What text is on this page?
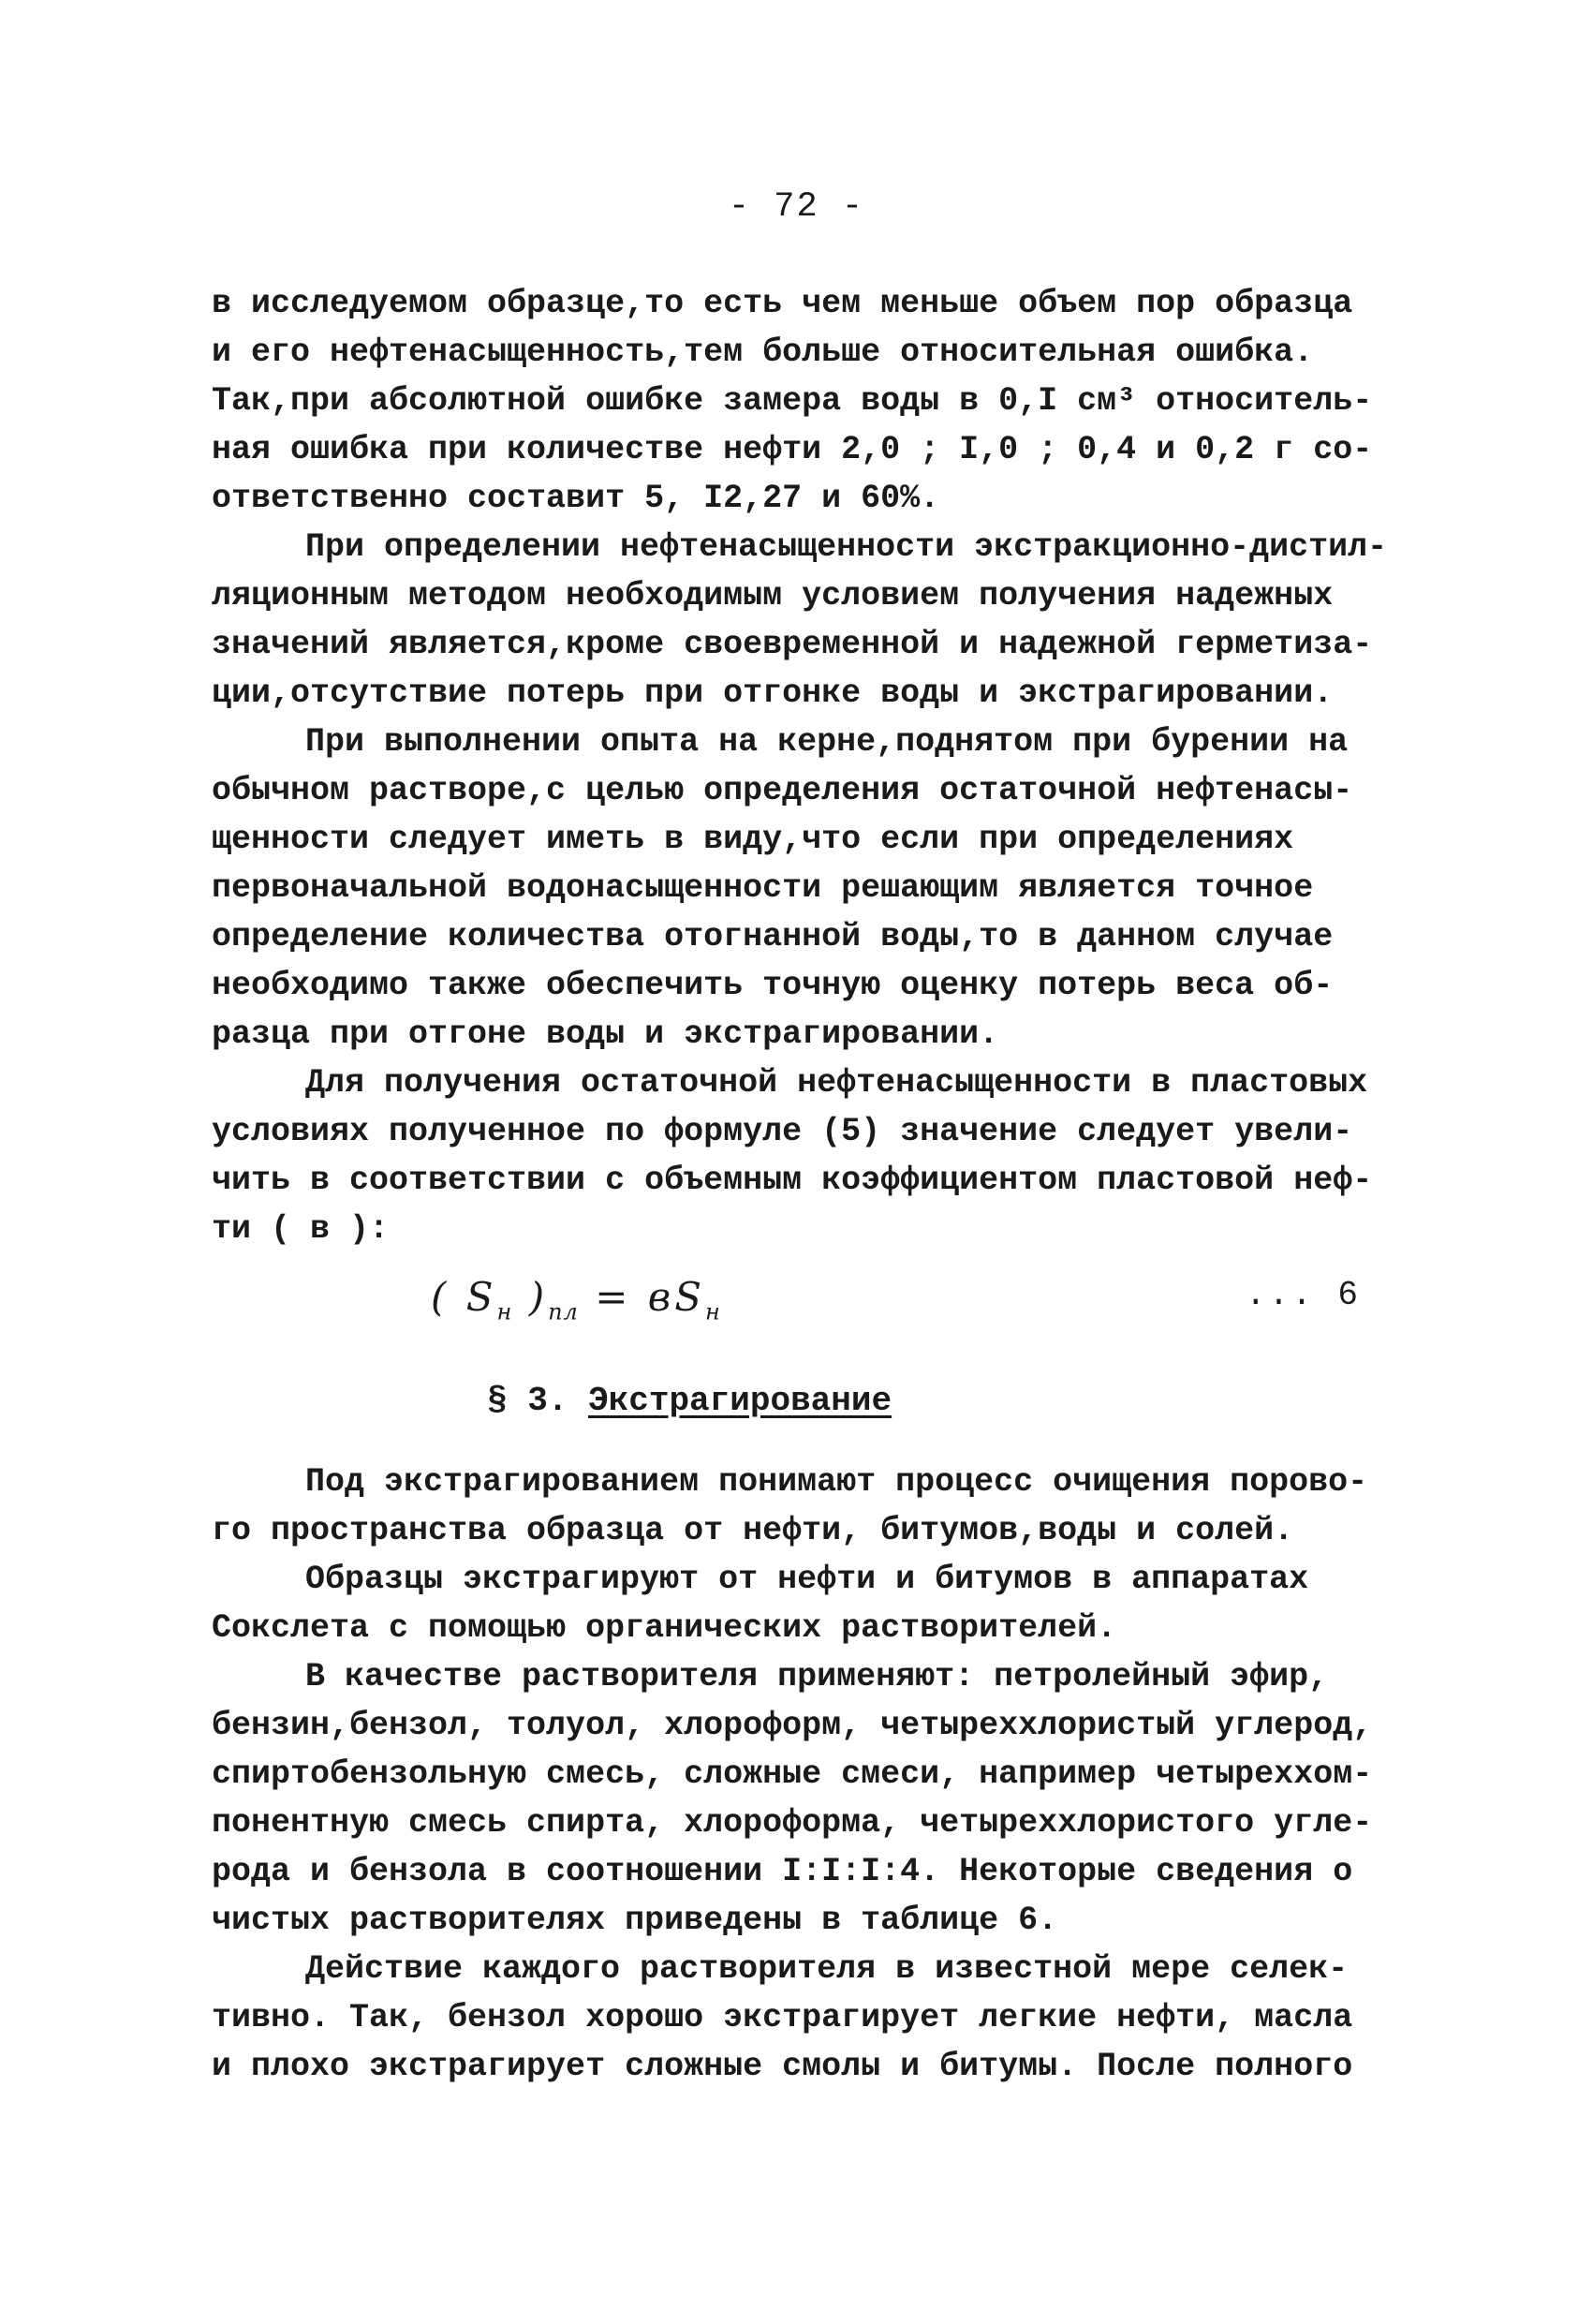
- 72 -
в исследуемом образце,то есть чем меньше объем пор образца
и его нефтенасыщенность,тем больше относительная ошибка.
Так,при абсолютной ошибке замера воды в 0,I см³ относитель-
ная ошибка при количестве нефти 2,0 ; I,0 ; 0,4 и 0,2 г со-
ответственно составит 5, I2,27 и 60%.
При определении нефтенасыщенности экстракционно-дистил-
ляционным методом необходимым условием получения надежных
значений является,кроме своевременной и надежной герметиза-
ции,отсутствие потерь при отгонке воды и экстрагировании.
При выполнении опыта на керне,поднятом при бурении на
обычном растворе,с целью определения остаточной нефтенасы-
щенности следует иметь в виду,что если при определениях
первоначальной водонасыщенности решающим является точное
определение количества отогнанной воды,то в данном случае
необходимо также обеспечить точную оценку потерь веса об-
разца при отгоне воды и экстрагировании.
Для получения остаточной нефтенасыщенности в пластовых
условиях полученное по формуле (5) значение следует увели-
чить в соответствии с объемным коэффициентом пластовой неф-
ти ( в ):
( $S_н$ )$_{пл} = вS_н$	... 6
§ 3. Экстрагирование
Под экстрагированием понимают процесс очищения порово-
го пространства образца от нефти, битумов,воды и солей.
Образцы экстрагируют от нефти и битумов в аппаратах
Сокслета с помощью органических растворителей.
В качестве растворителя применяют: петролейный эфир,
бензин,бензол, толуол, хлороформ, четыреххлористый углерод,
спиртобензольную смесь, сложные смеси, например четыреххом-
понентную смесь спирта, хлороформа, четыреххлористого угле-
рода и бензола в соотношении I:I:I:4. Некоторые сведения о
чистых растворителях приведены в таблице 6.
Действие каждого растворителя в известной мере селек-
тивно. Так, бензол хорошо экстрагирует легкие нефти, масла
и плохо экстрагирует сложные смолы и битумы. После полного
